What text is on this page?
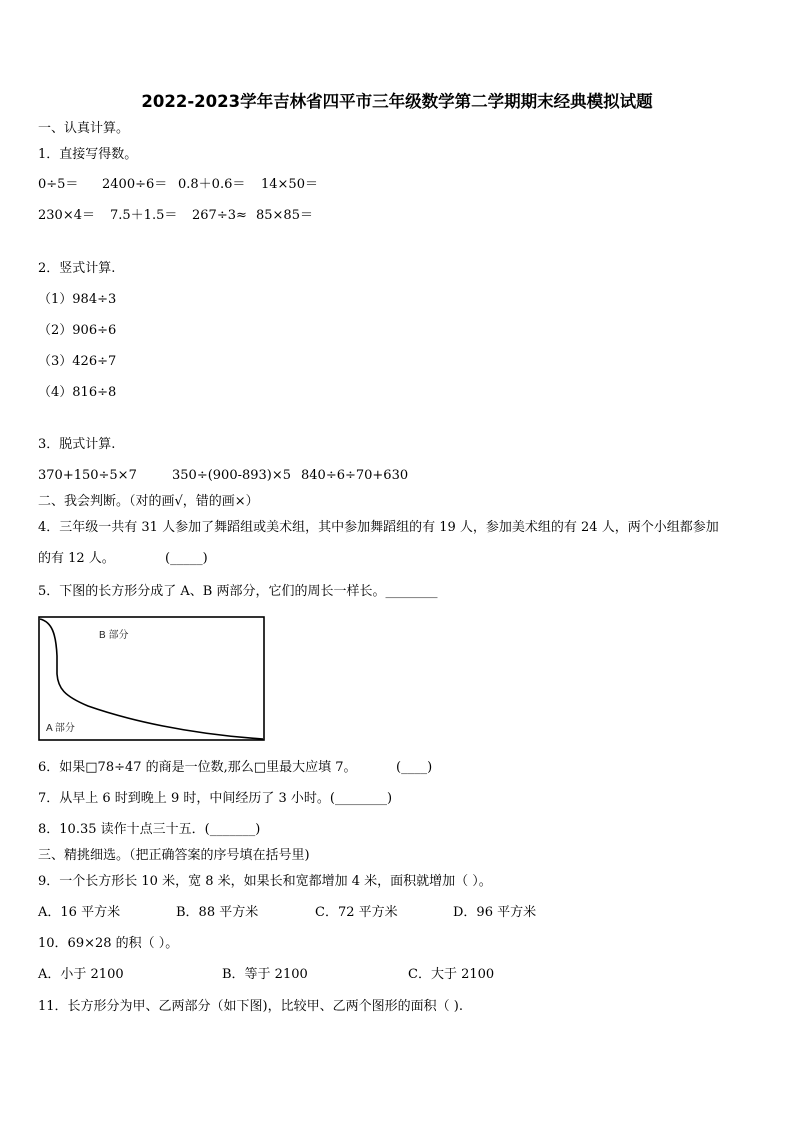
2022-2023学年吉林省四平市三年级数学第二学期期末经典模拟试题
一、认真计算。
1．直接写得数。
0÷5＝ 2400÷6＝ 0.8＋0.6＝ 14×50＝
230×4＝ 7.5＋1.5＝ 267÷3≈ 85×85＝
2．竖式计算.
（1）984÷3
（2）906÷6
（3）426÷7
（4）816÷8
3．脱式计算.
370+150÷5×7	350÷(900-893)×5 840÷6÷70+630
二、我会判断。（对的画√，错的画×）
4．三年级一共有 31 人参加了舞蹈组或美术组，其中参加舞蹈组的有 19 人，参加美术组的有 24 人，两个小组都参加
的有 12 人。	(_____)
5．下图的长方形分成了 A、B 两部分，它们的周长一样长。________
B 部分
A 部分
6．如果□78÷47 的商是一位数,那么□里最大应填 7。	(____)
7．从早上 6 时到晚上 9 时，中间经历了 3 小时。(________)
8．10.35 读作十点三十五．(_______)
三、精挑细选。（把正确答案的序号填在括号里)
9．一个长方形长 10 米，宽 8 米，如果长和宽都增加 4 米，面积就增加（ ）。
A．16 平方米	B．88 平方米	C．72 平方米	D．96 平方米
10．69×28 的积（ ）。
A．小于 2100	B．等于 2100	C．大于 2100
11．长方形分为甲、乙两部分（如下图)，比较甲、乙两个图形的面积（ ).
